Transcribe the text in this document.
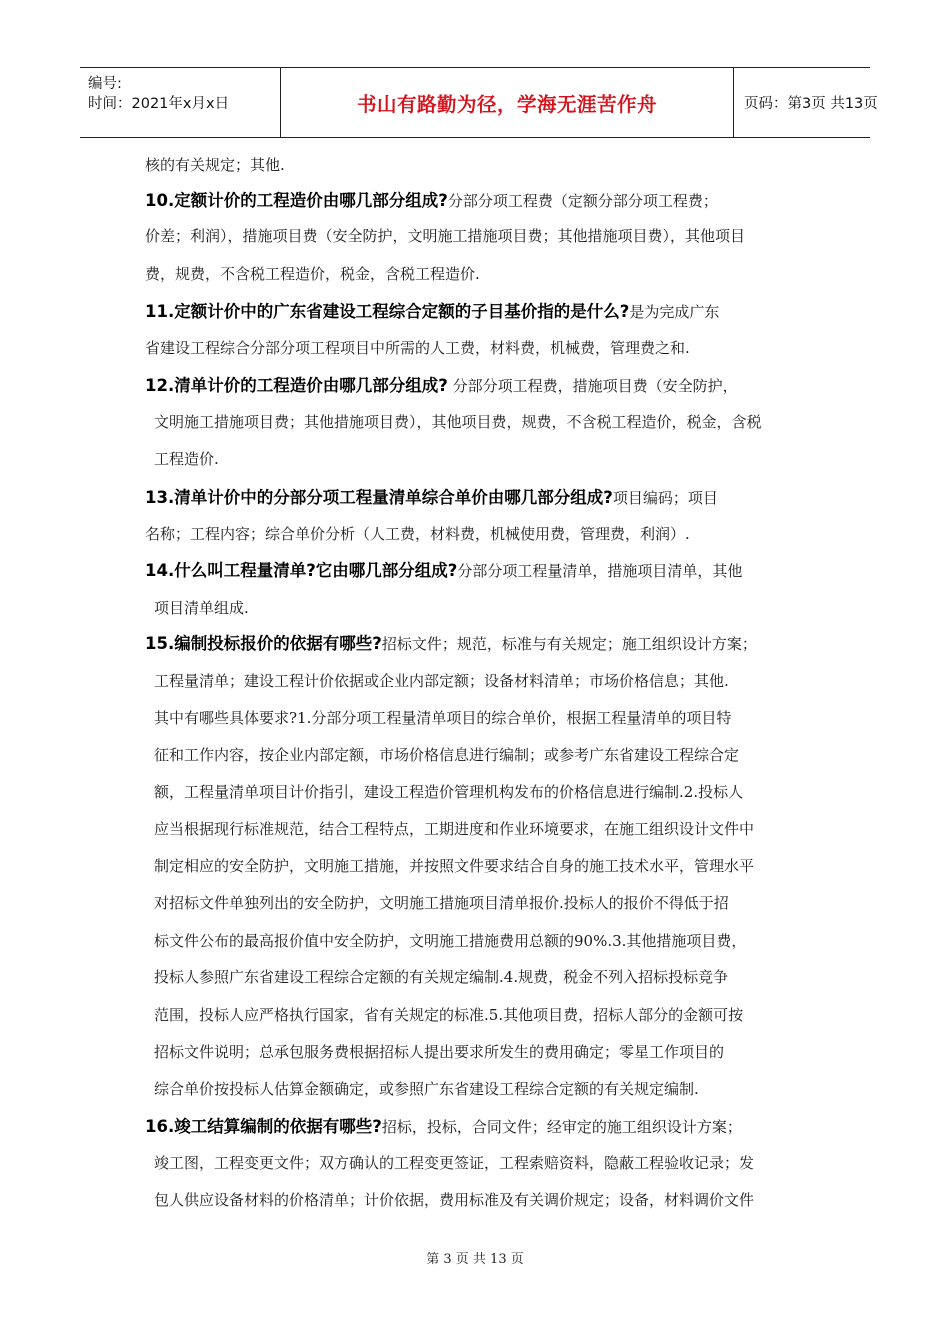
编号:
时间：2021年x月x日	书山有路勤为径，学海无涯苦作舟	页码：第3页 共13页
核的有关规定；其他.
10.定额计价的工程造价由哪几部分组成?分部分项工程费（定额分部分项工程费；
价差；利润），措施项目费（安全防护，文明施工措施项目费；其他措施项目费），其他项目
费，规费，不含税工程造价，税金，含税工程造价.
11.定额计价中的广东省建设工程综合定额的子目基价指的是什么?是为完成广东
省建设工程综合分部分项工程项目中所需的人工费，材料费，机械费，管理费之和.
12.清单计价的工程造价由哪几部分组成? 分部分项工程费，措施项目费（安全防护，
文明施工措施项目费；其他措施项目费），其他项目费，规费，不含税工程造价，税金，含税
工程造价.
13.清单计价中的分部分项工程量清单综合单价由哪几部分组成?项目编码；项目
名称；工程内容；综合单价分析（人工费，材料费，机械使用费，管理费，利润）.
14.什么叫工程量清单?它由哪几部分组成?分部分项工程量清单，措施项目清单，其他
项目清单组成.
15.编制投标报价的依据有哪些?招标文件；规范，标准与有关规定；施工组织设计方案；
工程量清单；建设工程计价依据或企业内部定额；设备材料清单；市场价格信息；其他.
其中有哪些具体要求?1.分部分项工程量清单项目的综合单价，根据工程量清单的项目特
征和工作内容，按企业内部定额，市场价格信息进行编制；或参考广东省建设工程综合定
额，工程量清单项目计价指引，建设工程造价管理机构发布的价格信息进行编制.2.投标人
应当根据现行标准规范，结合工程特点，工期进度和作业环境要求，在施工组织设计文件中
制定相应的安全防护，文明施工措施，并按照文件要求结合自身的施工技术水平，管理水平
对招标文件单独列出的安全防护，文明施工措施项目清单报价.投标人的报价不得低于招
标文件公布的最高报价值中安全防护，文明施工措施费用总额的90%.3.其他措施项目费，
投标人参照广东省建设工程综合定额的有关规定编制.4.规费，税金不列入招标投标竞争
范围，投标人应严格执行国家，省有关规定的标准.5.其他项目费，招标人部分的金额可按
招标文件说明；总承包服务费根据招标人提出要求所发生的费用确定；零星工作项目的
综合单价按投标人估算金额确定，或参照广东省建设工程综合定额的有关规定编制.
16.竣工结算编制的依据有哪些?招标，投标，合同文件；经审定的施工组织设计方案；
竣工图，工程变更文件；双方确认的工程变更签证，工程索赔资料，隐蔽工程验收记录；发
包人供应设备材料的价格清单；计价依据，费用标准及有关调价规定；设备，材料调价文件
第 3 页 共 13 页
